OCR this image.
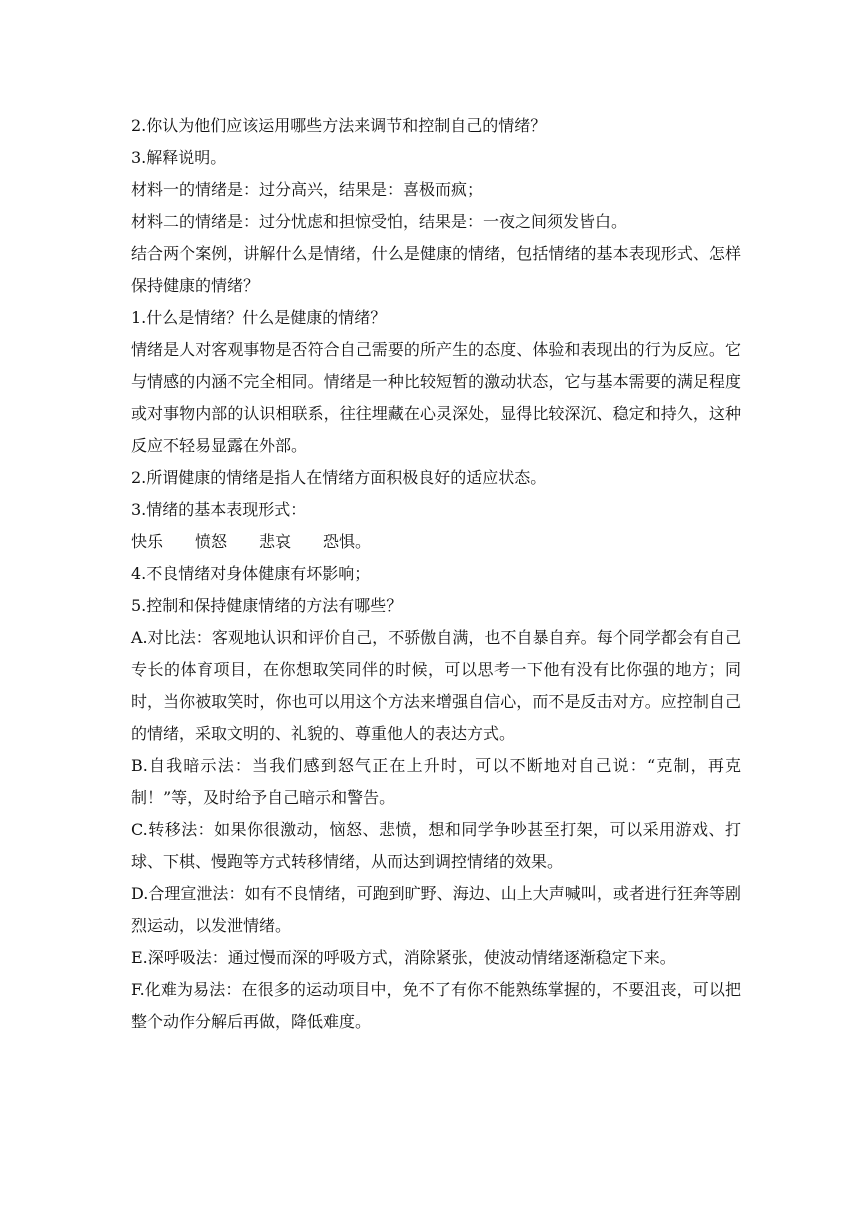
2.你认为他们应该运用哪些方法来调节和控制自己的情绪？

3.解释说明。

材料一的情绪是：过分高兴，结果是：喜极而疯；

材料二的情绪是：过分忧虑和担惊受怕，结果是：一夜之间须发皆白。

结合两个案例，讲解什么是情绪，什么是健康的情绪，包括情绪的基本表现形式、怎样保持健康的情绪？

1.什么是情绪？什么是健康的情绪？

情绪是人对客观事物是否符合自己需要的所产生的态度、体验和表现出的行为反应。它与情感的内涵不完全相同。情绪是一种比较短暂的激动状态，它与基本需要的满足程度或对事物内部的认识相联系，往往埋藏在心灵深处，显得比较深沉、稳定和持久，这种反应不轻易显露在外部。

2.所谓健康的情绪是指人在情绪方面积极良好的适应状态。

3.情绪的基本表现形式：

快乐　　愤怒　　悲哀　　恐惧。

4.不良情绪对身体健康有坏影响；

5.控制和保持健康情绪的方法有哪些？

A.对比法：客观地认识和评价自己，不骄傲自满，也不自暴自弃。每个同学都会有自己专长的体育项目，在你想取笑同伴的时候，可以思考一下他有没有比你强的地方；同时，当你被取笑时，你也可以用这个方法来增强自信心，而不是反击对方。应控制自己的情绪，采取文明的、礼貌的、尊重他人的表达方式。

B.自我暗示法：当我们感到怒气正在上升时，可以不断地对自己说：“克制，再克制！”等，及时给予自己暗示和警告。

C.转移法：如果你很激动，恼怒、悲愤，想和同学争吵甚至打架，可以采用游戏、打球、下棋、慢跑等方式转移情绪，从而达到调控情绪的效果。

D.合理宣泄法：如有不良情绪，可跑到旷野、海边、山上大声喊叫，或者进行狂奔等剧烈运动，以发泄情绪。

E.深呼吸法：通过慢而深的呼吸方式，消除紧张，使波动情绪逐渐稳定下来。

F.化难为易法：在很多的运动项目中，免不了有你不能熟练掌握的，不要沮丧，可以把整个动作分解后再做，降低难度。
